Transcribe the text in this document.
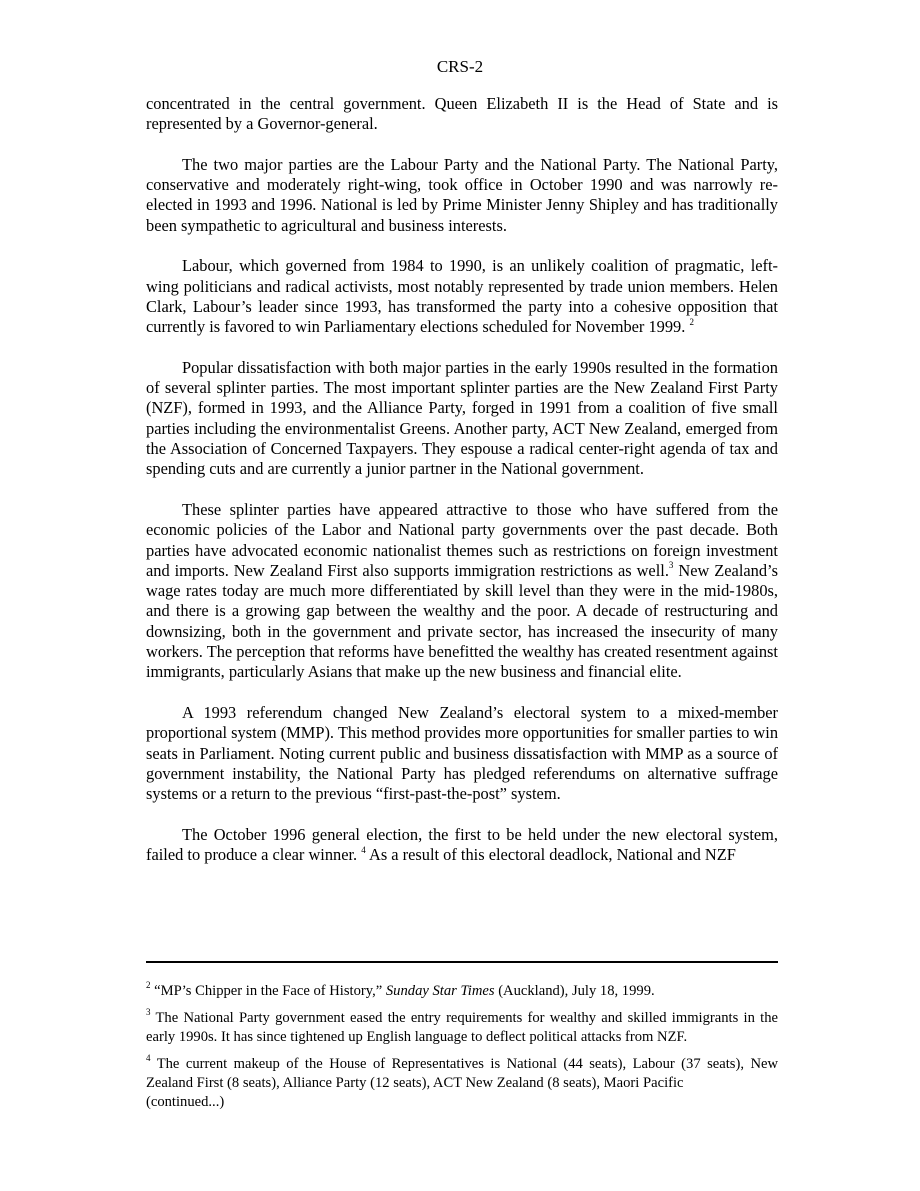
CRS-2

concentrated in the central government. Queen Elizabeth II is the Head of State and is represented by a Governor-general.

The two major parties are the Labour Party and the National Party. The National Party, conservative and moderately right-wing, took office in October 1990 and was narrowly re-elected in 1993 and 1996. National is led by Prime Minister Jenny Shipley and has traditionally been sympathetic to agricultural and business interests.

Labour, which governed from 1984 to 1990, is an unlikely coalition of pragmatic, left-wing politicians and radical activists, most notably represented by trade union members. Helen Clark, Labour’s leader since 1993, has transformed the party into a cohesive opposition that currently is favored to win Parliamentary elections scheduled for November 1999. $^2$

Popular dissatisfaction with both major parties in the early 1990s resulted in the formation of several splinter parties. The most important splinter parties are the New Zealand First Party (NZF), formed in 1993, and the Alliance Party, forged in 1991 from a coalition of five small parties including the environmentalist Greens. Another party, ACT New Zealand, emerged from the Association of Concerned Taxpayers. They espouse a radical center-right agenda of tax and spending cuts and are currently a junior partner in the National government.

These splinter parties have appeared attractive to those who have suffered from the economic policies of the Labor and National party governments over the past decade. Both parties have advocated economic nationalist themes such as restrictions on foreign investment and imports. New Zealand First also supports immigration restrictions as well.$^3$ New Zealand’s wage rates today are much more differentiated by skill level than they were in the mid-1980s, and there is a growing gap between the wealthy and the poor. A decade of restructuring and downsizing, both in the government and private sector, has increased the insecurity of many workers. The perception that reforms have benefitted the wealthy has created resentment against immigrants, particularly Asians that make up the new business and financial elite.

A 1993 referendum changed New Zealand’s electoral system to a mixed-member proportional system (MMP). This method provides more opportunities for smaller parties to win seats in Parliament. Noting current public and business dissatisfaction with MMP as a source of government instability, the National Party has pledged referendums on alternative suffrage systems or a return to the previous “first-past-the-post” system.

The October 1996 general election, the first to be held under the new electoral system, failed to produce a clear winner. $^4$ As a result of this electoral deadlock, National and NZF

$^2$ “MP’s Chipper in the Face of History,” Sunday Star Times (Auckland), July 18, 1999.

$^3$ The National Party government eased the entry requirements for wealthy and skilled immigrants in the early 1990s. It has since tightened up English language to deflect political attacks from NZF.

$^4$ The current makeup of the House of Representatives is National (44 seats), Labour (37 seats), New Zealand First (8 seats), Alliance Party (12 seats), ACT New Zealand (8 seats), Maori Pacific

(continued...)
